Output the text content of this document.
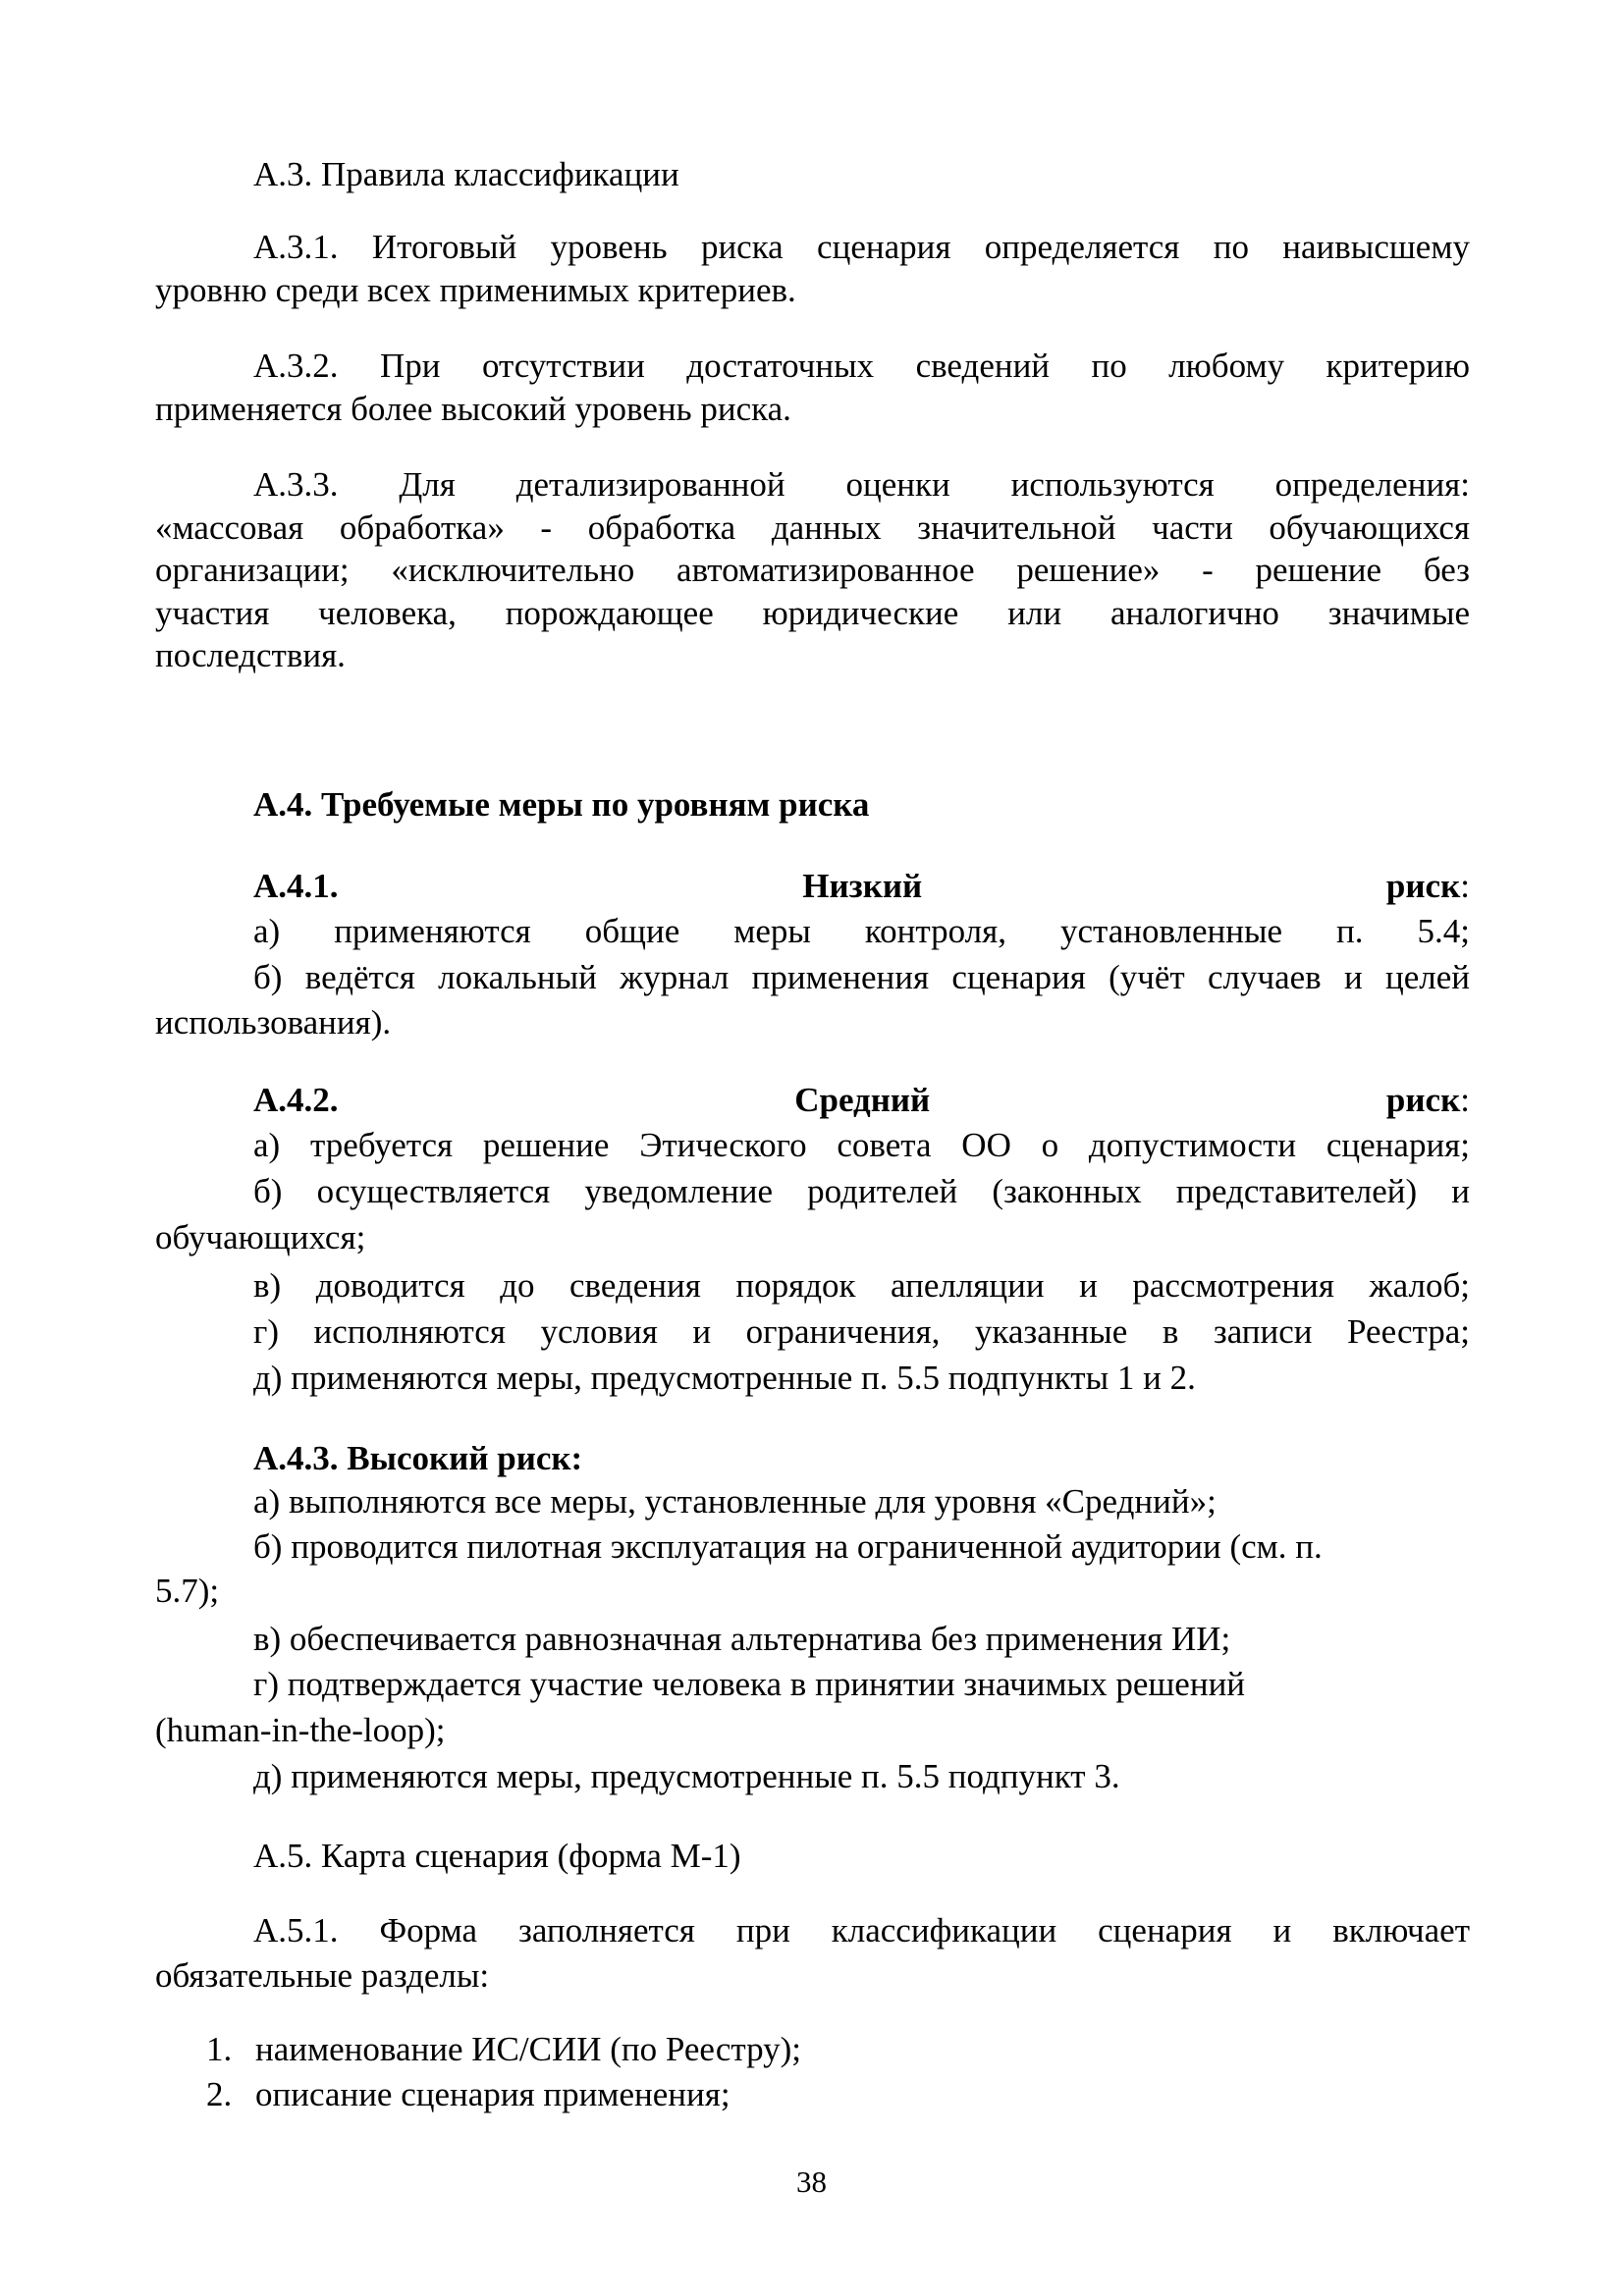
А.3. Правила классификации
А.3.1. Итоговый уровень риска сценария определяется по наивысшему
уровню среди всех применимых критериев.
А.3.2. При отсутствии достаточных сведений по любому критерию
применяется более высокий уровень риска.
А.3.3. Для детализированной оценки используются определения:
«массовая обработка» - обработка данных значительной части обучающихся
организации; «исключительно автоматизированное решение» - решение без
участия человека, порождающее юридические или аналогично значимые
последствия.
А.4. Требуемые меры по уровням риска
А.4.1.	Низкий	риск:
а) применяются общие меры контроля, установленные п. 5.4;
б) ведётся локальный журнал применения сценария (учёт случаев и целей
использования).
А.4.2.	Средний	риск:
а) требуется решение Этического совета ОО о допустимости сценария;
б) осуществляется уведомление родителей (законных представителей) и
обучающихся;
в) доводится до сведения порядок апелляции и рассмотрения жалоб;
г) исполняются условия и ограничения, указанные в записи Реестра;
д) применяются меры, предусмотренные п. 5.5 подпункты 1 и 2.
А.4.3. Высокий риск:
а) выполняются все меры, установленные для уровня «Средний»;
б) проводится пилотная эксплуатация на ограниченной аудитории (см. п.
5.7);
в) обеспечивается равнозначная альтернатива без применения ИИ;
г) подтверждается участие человека в принятии значимых решений
(human-in-the-loop);
д) применяются меры, предусмотренные п. 5.5 подпункт 3.
А.5. Карта сценария (форма М-1)
А.5.1. Форма заполняется при классификации сценария и включает
обязательные разделы:
1. наименование ИС/СИИ (по Реестру);
2. описание сценария применения;
38
